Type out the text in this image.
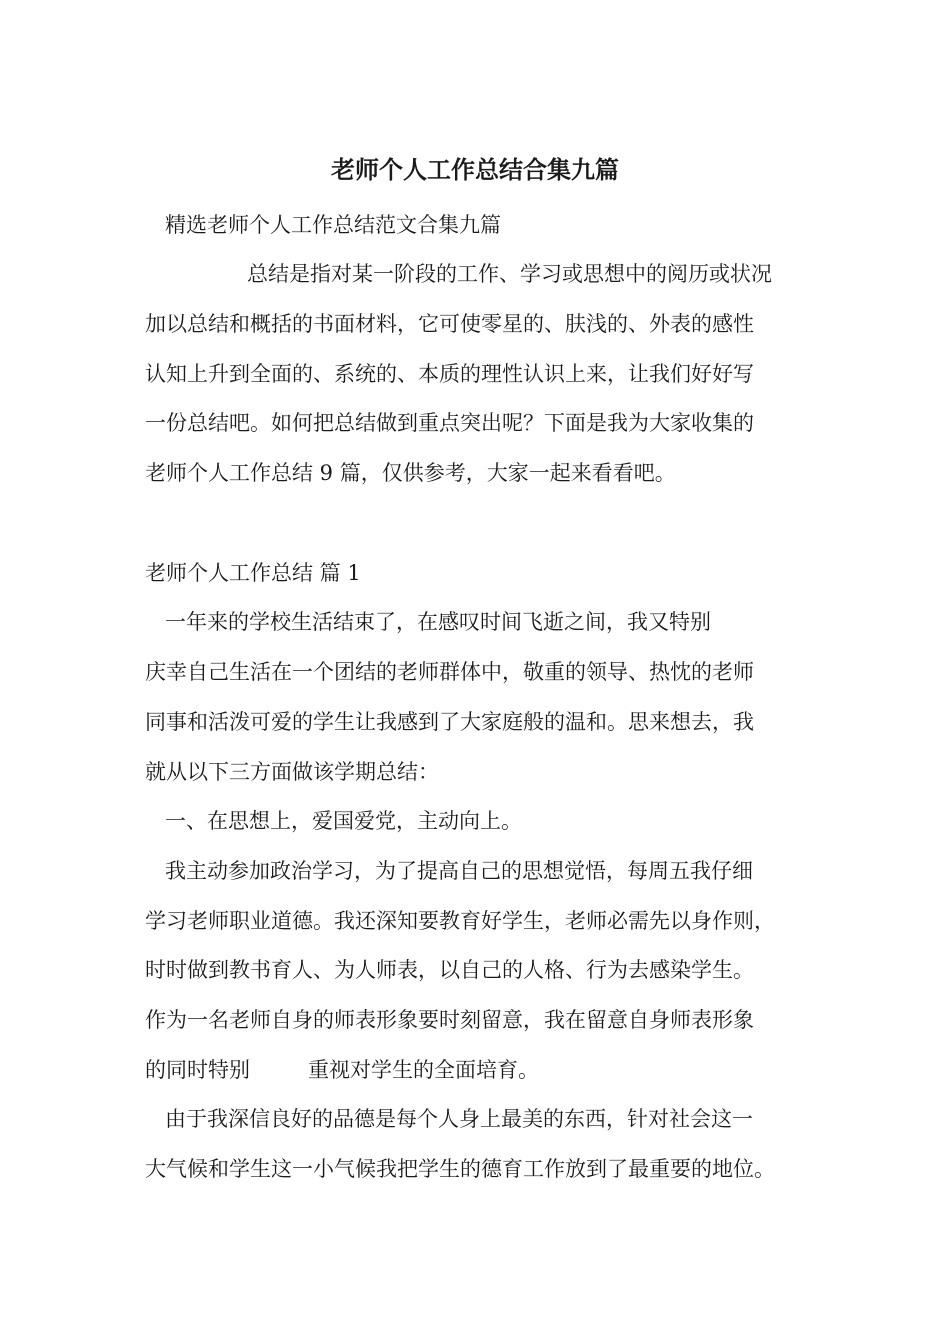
老师个人工作总结合集九篇
精选老师个人工作总结范文合集九篇
总结是指对某一阶段的工作、学习或思想中的阅历或状况
加以总结和概括的书面材料，它可使零星的、肤浅的、外表的感性
认知上升到全面的、系统的、本质的理性认识上来，让我们好好写
一份总结吧。如何把总结做到重点突出呢？下面是我为大家收集的
老师个人工作总结 9 篇，仅供参考，大家一起来看看吧。
老师个人工作总结 篇 1
一年来的学校生活结束了，在感叹时间飞逝之间，我又特别
庆幸自己生活在一个团结的老师群体中，敬重的领导、热忱的老师
同事和活泼可爱的学生让我感到了大家庭般的温和。思来想去，我
就从以下三方面做该学期总结：
一、在思想上，爱国爱党，主动向上。
我主动参加政治学习，为了提高自己的思想觉悟，每周五我仔细
学习老师职业道德。我还深知要教育好学生，老师必需先以身作则，
时时做到教书育人、为人师表，以自己的人格、行为去感染学生。
作为一名老师自身的师表形象要时刻留意，我在留意自身师表形象
的同时特别	重视对学生的全面培育。
由于我深信良好的品德是每个人身上最美的东西，针对社会这一
大气候和学生这一小气候我把学生的德育工作放到了最重要的地位。
